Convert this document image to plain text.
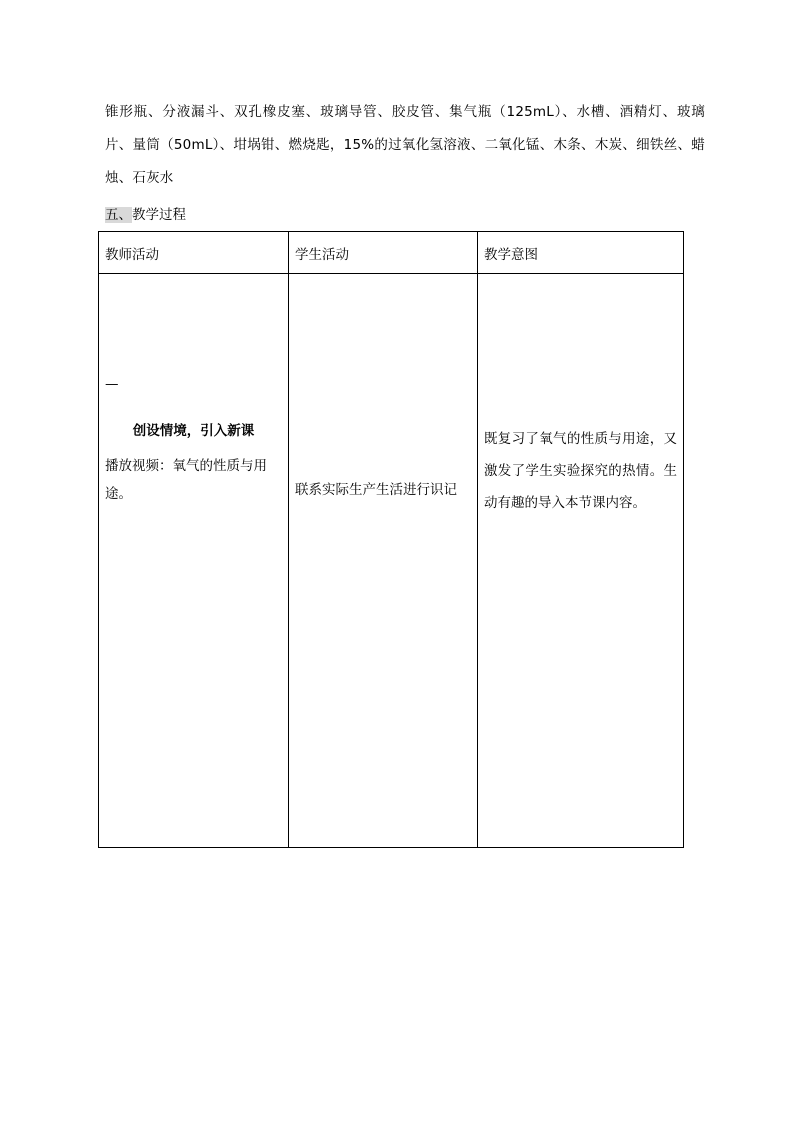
锥形瓶、分液漏斗、双孔橡皮塞、玻璃导管、胶皮管、集气瓶（125mL）、水槽、酒精灯、玻璃片、量筒（50mL）、坩埚钳、燃烧匙，15%的过氧化氢溶液、二氧化锰、木条、木炭、细铁丝、蜡烛、石灰水

五、教学过程
教师活动	学生活动	教学意图

—
创设情境，引入新课
播放视频：氧气的性质与用途。	联系实际生产生活进行识记	既复习了氧气的性质与用途，又激发了学生实验探究的热情。生动有趣的导入本节课内容。
